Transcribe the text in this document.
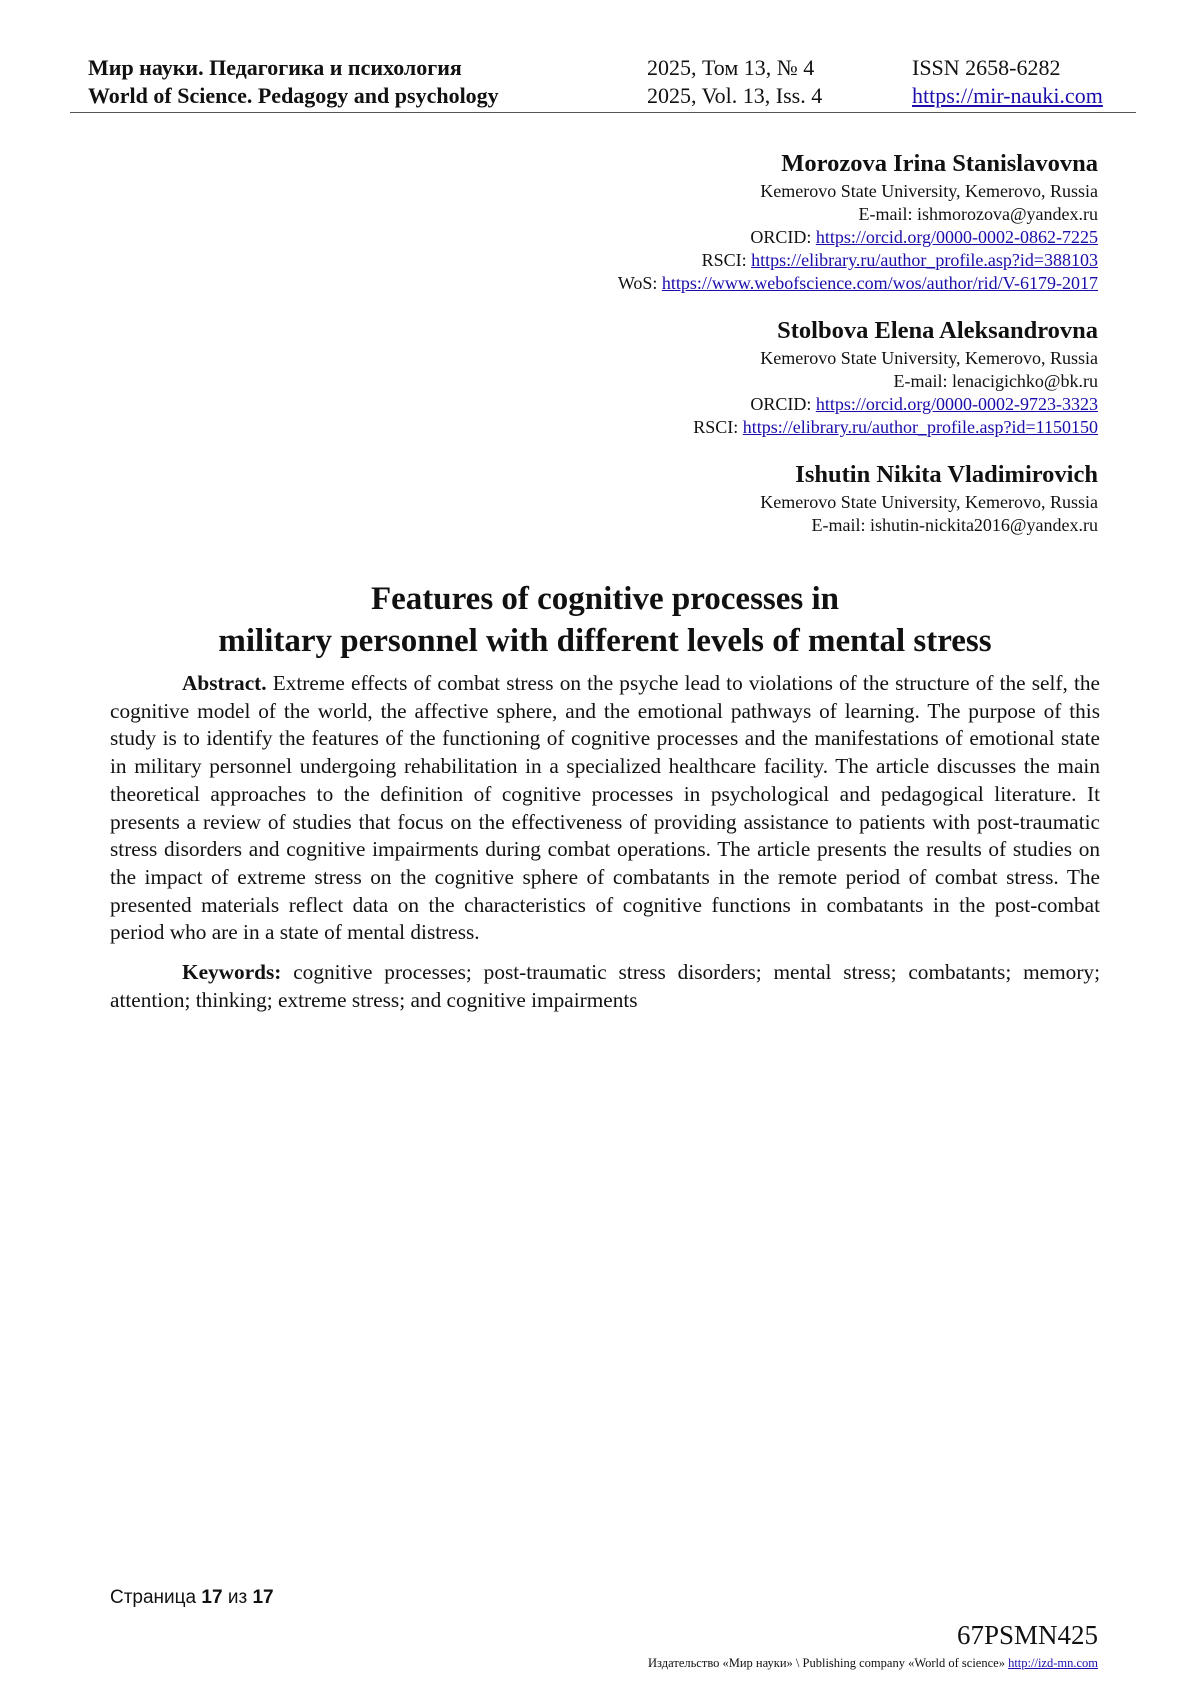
Мир науки. Педагогика и психология
World of Science. Pedagogy and psychology
2025, Том 13, № 4
2025, Vol. 13, Iss. 4
ISSN 2658-6282
https://mir-nauki.com
Morozova Irina Stanislavovna
Kemerovo State University, Kemerovo, Russia
E-mail: ishmorozova@yandex.ru
ORCID: https://orcid.org/0000-0002-0862-7225
RSCI: https://elibrary.ru/author_profile.asp?id=388103
WoS: https://www.webofscience.com/wos/author/rid/V-6179-2017
Stolbova Elena Aleksandrovna
Kemerovo State University, Kemerovo, Russia
E-mail: lenacigichko@bk.ru
ORCID: https://orcid.org/0000-0002-9723-3323
RSCI: https://elibrary.ru/author_profile.asp?id=1150150
Ishutin Nikita Vladimirovich
Kemerovo State University, Kemerovo, Russia
E-mail: ishutin-nickita2016@yandex.ru
Features of cognitive processes in
military personnel with different levels of mental stress

Abstract. Extreme effects of combat stress on the psyche lead to violations of the structure of the self, the cognitive model of the world, the affective sphere, and the emotional pathways of learning. The purpose of this study is to identify the features of the functioning of cognitive processes and the manifestations of emotional state in military personnel undergoing rehabilitation in a specialized healthcare facility. The article discusses the main theoretical approaches to the definition of cognitive processes in psychological and pedagogical literature. It presents a review of studies that focus on the effectiveness of providing assistance to patients with post-traumatic stress disorders and cognitive impairments during combat operations. The article presents the results of studies on the impact of extreme stress on the cognitive sphere of combatants in the remote period of combat stress. The presented materials reflect data on the characteristics of cognitive functions in combatants in the post-combat period who are in a state of mental distress.

Keywords: cognitive processes; post-traumatic stress disorders; mental stress; combatants; memory; attention; thinking; extreme stress; and cognitive impairments

Страница 17 из 17
67PSMN425
Издательство «Мир науки» \ Publishing company «World of science» http://izd-mn.com
